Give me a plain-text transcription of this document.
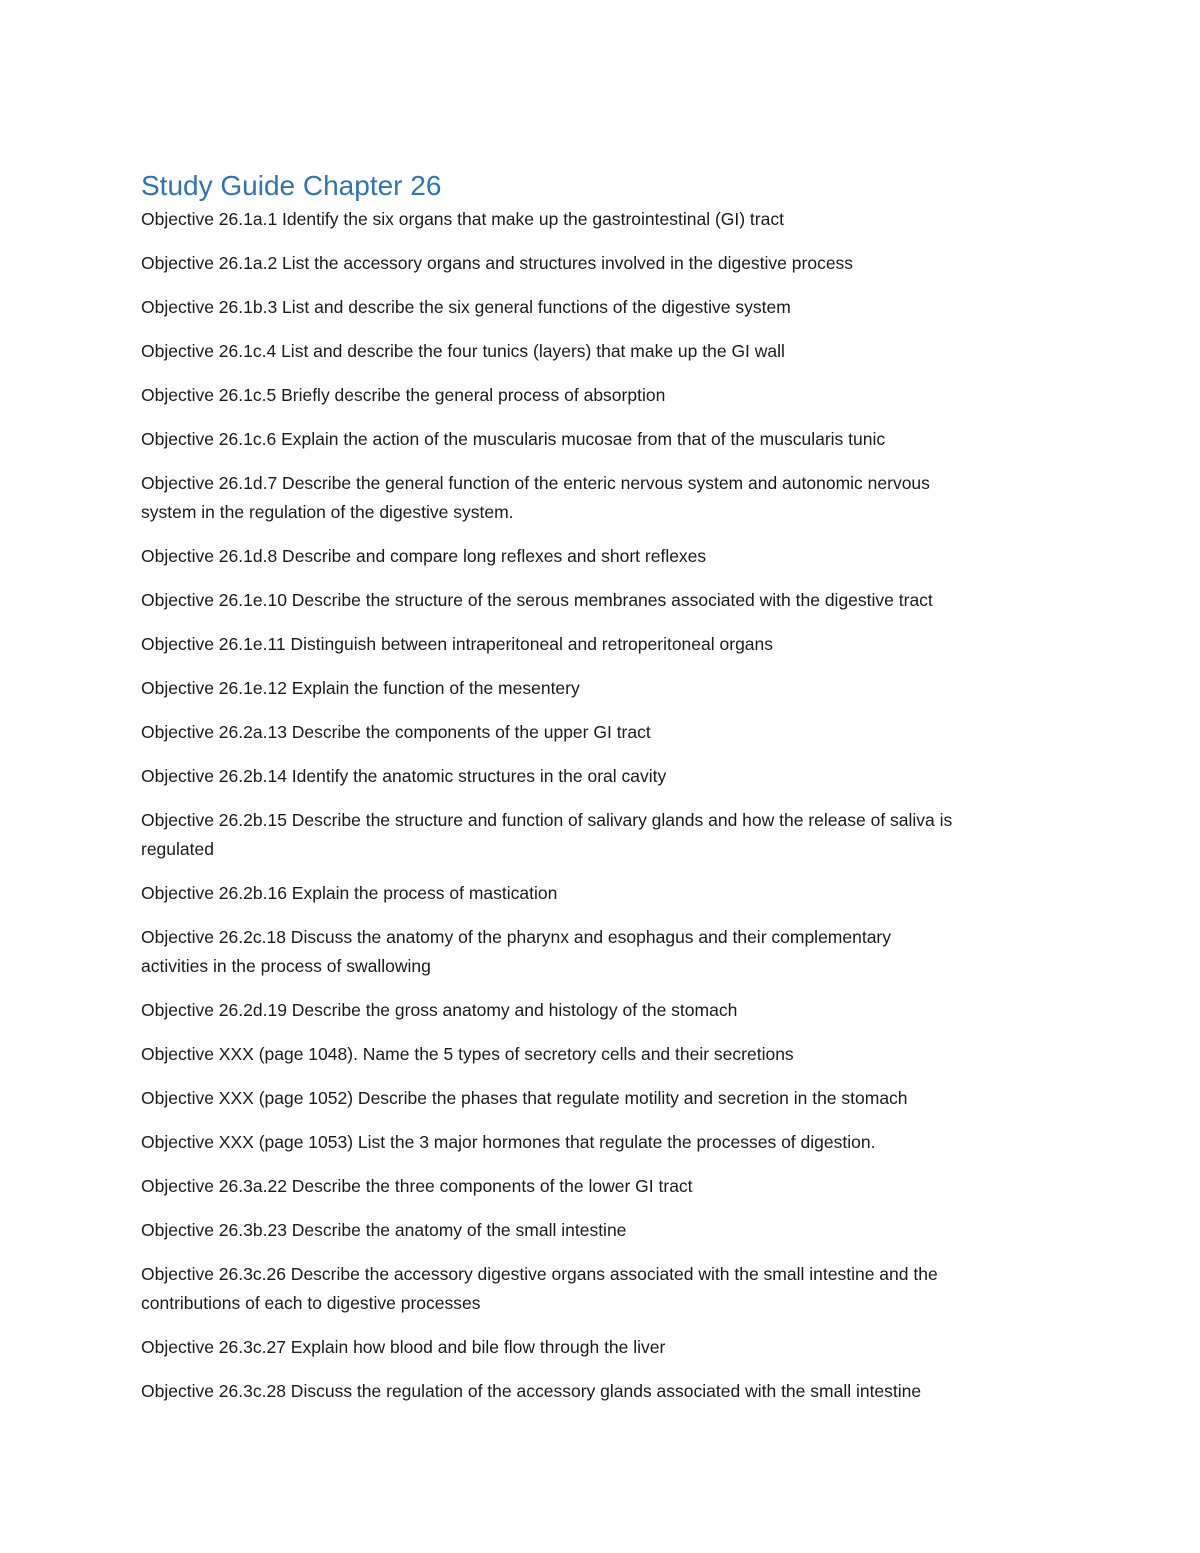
Study Guide Chapter 26
Objective 26.1a.1 Identify the six organs that make up the gastrointestinal (GI) tract
Objective 26.1a.2 List the accessory organs and structures involved in the digestive process
Objective 26.1b.3 List and describe the six general functions of the digestive system
Objective 26.1c.4 List and describe the four tunics (layers) that make up the GI wall
Objective 26.1c.5 Briefly describe the general process of absorption
Objective 26.1c.6 Explain the action of the muscularis mucosae from that of the muscularis tunic
Objective 26.1d.7 Describe the general function of the enteric nervous system and autonomic nervous
system in the regulation of the digestive system.
Objective 26.1d.8 Describe and compare long reflexes and short reflexes
Objective 26.1e.10 Describe the structure of the serous membranes associated with the digestive tract
Objective 26.1e.11 Distinguish between intraperitoneal and retroperitoneal organs
Objective 26.1e.12 Explain the function of the mesentery
Objective 26.2a.13 Describe the components of the upper GI tract
Objective 26.2b.14 Identify the anatomic structures in the oral cavity
Objective 26.2b.15 Describe the structure and function of salivary glands and how the release of saliva is
regulated
Objective 26.2b.16 Explain the process of mastication
Objective 26.2c.18 Discuss the anatomy of the pharynx and esophagus and their complementary
activities in the process of swallowing
Objective 26.2d.19 Describe the gross anatomy and histology of the stomach
Objective XXX (page 1048). Name the 5 types of secretory cells and their secretions
Objective XXX (page 1052) Describe the phases that regulate motility and secretion in the stomach
Objective XXX (page 1053) List the 3 major hormones that regulate the processes of digestion.
Objective 26.3a.22 Describe the three components of the lower GI tract
Objective 26.3b.23 Describe the anatomy of the small intestine
Objective 26.3c.26 Describe the accessory digestive organs associated with the small intestine and the
contributions of each to digestive processes
Objective 26.3c.27 Explain how blood and bile flow through the liver
Objective 26.3c.28 Discuss the regulation of the accessory glands associated with the small intestine
